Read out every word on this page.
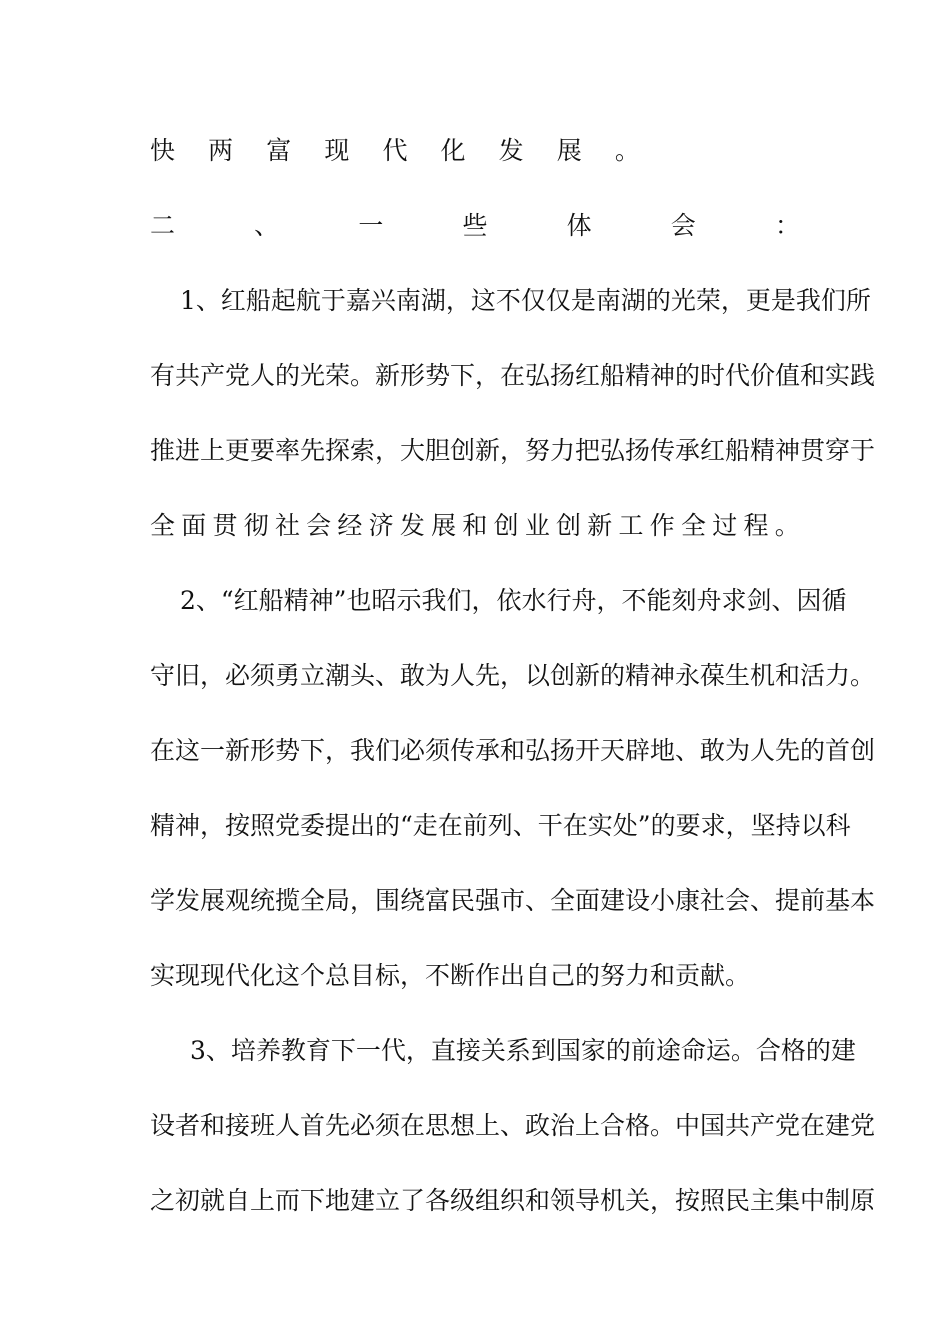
快 两 富 现 代 化 发 展 。
二	、	一	些	体	会	：
1、红船起航于嘉兴南湖，这不仅仅是南湖的光荣，更是我们所
有共产党人的光荣。新形势下，在弘扬红船精神的时代价值和实践
推进上更要率先探索，大胆创新，努力把弘扬传承红船精神贯穿于
全 面 贯 彻 社 会 经 济 发 展 和 创 业 创 新 工 作 全 过 程 。
2、“红船精神”也昭示我们，依水行舟，不能刻舟求剑、因循
守旧，必须勇立潮头、敢为人先，以创新的精神永葆生机和活力。
在这一新形势下，我们必须传承和弘扬开天辟地、敢为人先的首创
精神，按照党委提出的“走在前列、干在实处”的要求，坚持以科
学发展观统揽全局，围绕富民强市、全面建设小康社会、提前基本
实现现代化这个总目标，不断作出自己的努力和贡献。
3、培养教育下一代，直接关系到国家的前途命运。合格的建
设者和接班人首先必须在思想上、政治上合格。中国共产党在建党
之初就自上而下地建立了各级组织和领导机关，按照民主集中制原
